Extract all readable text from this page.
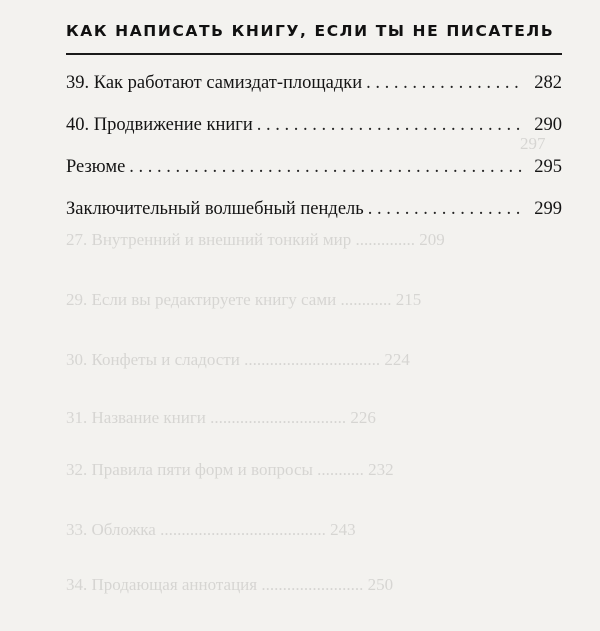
297
27. Внутренний и внешний тонкий мир .............. 209
29. Если вы редактируете книгу сами ............ 215
30. Конфеты и сладости ................................ 224
31. Название книги ................................ 226
32. Правила пяти форм и вопросы ........... 232
33. Обложка ....................................... 243
34. Продающая аннотация ........................ 250
КАК НАПИСАТЬ КНИГУ, ЕСЛИ ТЫ НЕ ПИСАТЕЛЬ
39. Как работают самиздат-площадки . . .	282
40. Продвижение книги . . .	290
Резюме . . .	295
Заключительный волшебный пендель . . .	299
